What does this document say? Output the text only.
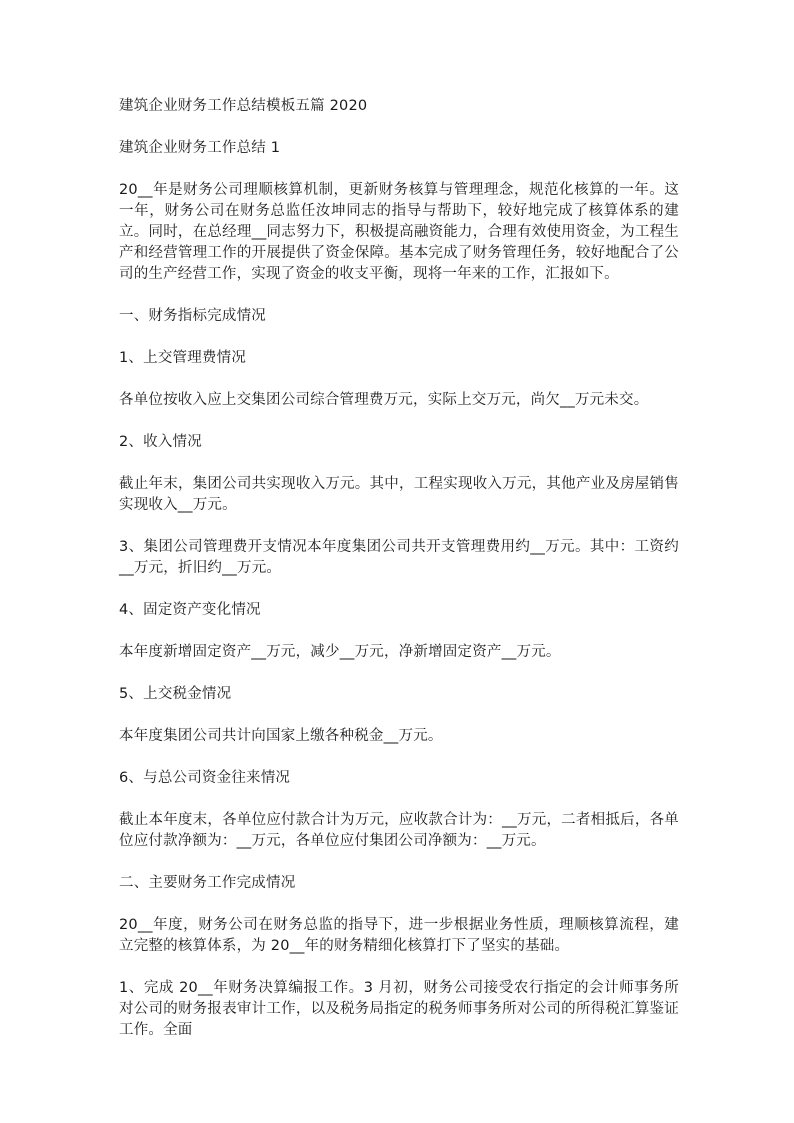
建筑企业财务工作总结模板五篇 2020

建筑企业财务工作总结 1

20__年是财务公司理顺核算机制，更新财务核算与管理理念，规范化核算的一年。这一年，财务公司在财务总监任汝坤同志的指导与帮助下，较好地完成了核算体系的建立。同时，在总经理__同志努力下，积极提高融资能力，合理有效使用资金，为工程生产和经营管理工作的开展提供了资金保障。基本完成了财务管理任务，较好地配合了公司的生产经营工作，实现了资金的收支平衡，现将一年来的工作，汇报如下。

一、财务指标完成情况

1、上交管理费情况

各单位按收入应上交集团公司综合管理费万元，实际上交万元，尚欠__万元未交。

2、收入情况

截止年末，集团公司共实现收入万元。其中，工程实现收入万元，其他产业及房屋销售实现收入__万元。

3、集团公司管理费开支情况本年度集团公司共开支管理费用约__万元。其中：工资约__万元，折旧约__万元。

4、固定资产变化情况

本年度新增固定资产__万元，减少__万元，净新增固定资产__万元。

5、上交税金情况

本年度集团公司共计向国家上缴各种税金__万元。

6、与总公司资金往来情况

截止本年度末，各单位应付款合计为万元，应收款合计为：__万元，二者相抵后，各单位应付款净额为：__万元，各单位应付集团公司净额为：__万元。

二、主要财务工作完成情况

20__年度，财务公司在财务总监的指导下，进一步根据业务性质，理顺核算流程，建立完整的核算体系，为 20__年的财务精细化核算打下了坚实的基础。

1、完成 20__年财务决算编报工作。3 月初，财务公司接受农行指定的会计师事务所对公司的财务报表审计工作，以及税务局指定的税务师事务所对公司的所得税汇算鉴证工作。全面
